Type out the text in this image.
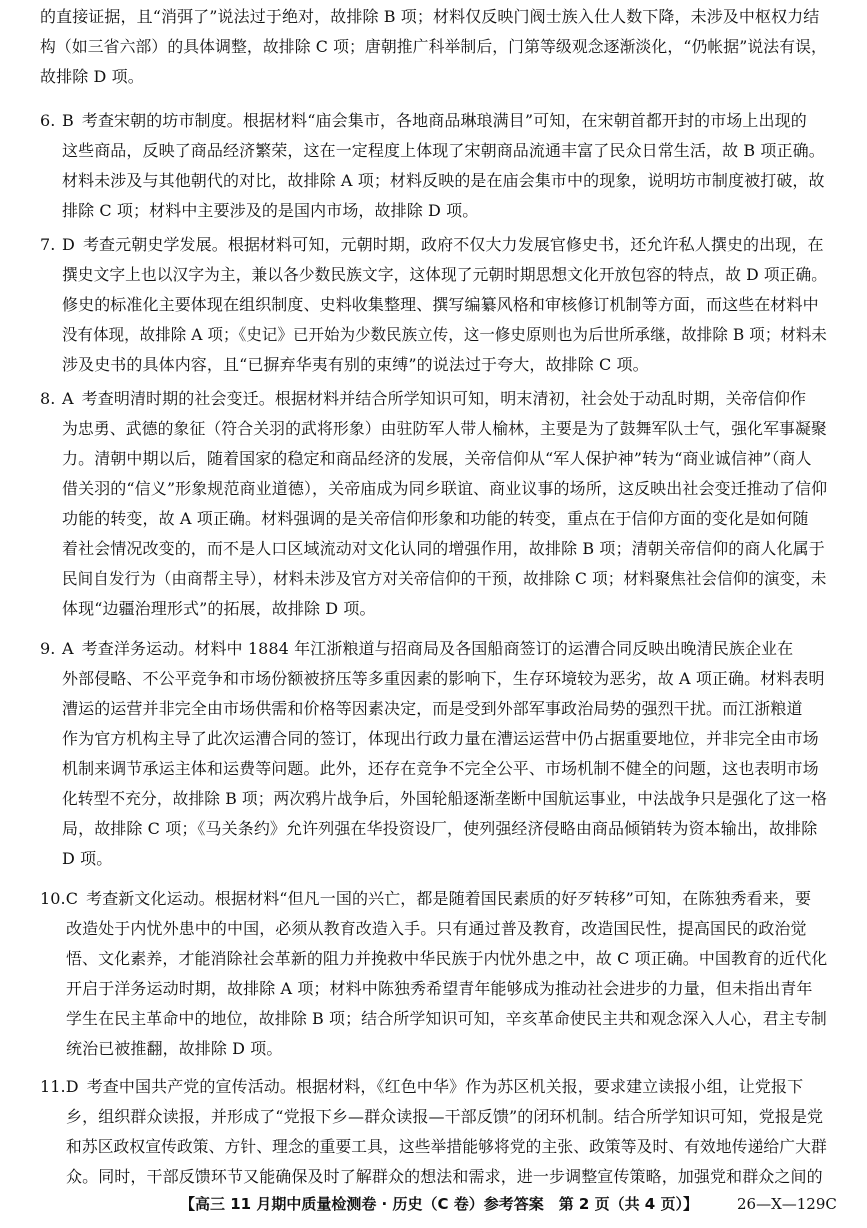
的直接证据，且“消弭了”说法过于绝对，故排除 B 项；材料仅反映门阀士族入仕人数下降，未涉及中枢权力结
构（如三省六部）的具体调整，故排除 C 项；唐朝推广科举制后，门第等级观念逐渐淡化，“仍帐据”说法有误，
故排除 D 项。
6. B 考查宋朝的坊市制度。根据材料“庙会集市，各地商品琳琅满目”可知，在宋朝首都开封的市场上出现的
这些商品，反映了商品经济繁荣，这在一定程度上体现了宋朝商品流通丰富了民众日常生活，故 B 项正确。
材料未涉及与其他朝代的对比，故排除 A 项；材料反映的是在庙会集市中的现象，说明坊市制度被打破，故
排除 C 项；材料中主要涉及的是国内市场，故排除 D 项。
7. D 考查元朝史学发展。根据材料可知，元朝时期，政府不仅大力发展官修史书，还允许私人撰史的出现，在
撰史文字上也以汉字为主，兼以各少数民族文字，这体现了元朝时期思想文化开放包容的特点，故 D 项正确。
修史的标准化主要体现在组织制度、史料收集整理、撰写编纂风格和审核修订机制等方面，而这些在材料中
没有体现，故排除 A 项；《史记》已开始为少数民族立传，这一修史原则也为后世所承继，故排除 B 项；材料未
涉及史书的具体内容，且“已摒弃华夷有别的束缚”的说法过于夸大，故排除 C 项。
8. A 考查明清时期的社会变迁。根据材料并结合所学知识可知，明末清初，社会处于动乱时期，关帝信仰作
为忠勇、武德的象征（符合关羽的武将形象）由驻防军人带人榆林，主要是为了鼓舞军队士气，强化军事凝聚
力。清朝中期以后，随着国家的稳定和商品经济的发展，关帝信仰从“军人保护神”转为“商业诚信神”（商人
借关羽的“信义”形象规范商业道德），关帝庙成为同乡联谊、商业议事的场所，这反映出社会变迁推动了信仰
功能的转变，故 A 项正确。材料强调的是关帝信仰形象和功能的转变，重点在于信仰方面的变化是如何随
着社会情况改变的，而不是人口区域流动对文化认同的增强作用，故排除 B 项；清朝关帝信仰的商人化属于
民间自发行为（由商帮主导），材料未涉及官方对关帝信仰的干预，故排除 C 项；材料聚焦社会信仰的演变，未
体现“边疆治理形式”的拓展，故排除 D 项。
9. A 考查洋务运动。材料中 1884 年江浙粮道与招商局及各国船商签订的运漕合同反映出晚清民族企业在
外部侵略、不公平竞争和市场份额被挤压等多重因素的影响下，生存环境较为恶劣，故 A 项正确。材料表明
漕运的运营并非完全由市场供需和价格等因素决定，而是受到外部军事政治局势的强烈干扰。而江浙粮道
作为官方机构主导了此次运漕合同的签订，体现出行政力量在漕运运营中仍占据重要地位，并非完全由市场
机制来调节承运主体和运费等问题。此外，还存在竞争不完全公平、市场机制不健全的问题，这也表明市场
化转型不充分，故排除 B 项；两次鸦片战争后，外国轮船逐渐垄断中国航运事业，中法战争只是强化了这一格
局，故排除 C 项；《马关条约》允许列强在华投资设厂，使列强经济侵略由商品倾销转为资本输出，故排除
D 项。
10.C 考查新文化运动。根据材料“但凡一国的兴亡，都是随着国民素质的好歹转移”可知，在陈独秀看来，要
改造处于内忧外患中的中国，必须从教育改造入手。只有通过普及教育，改造国民性，提高国民的政治觉
悟、文化素养，才能消除社会革新的阻力并挽救中华民族于内忧外患之中，故 C 项正确。中国教育的近代化
开启于洋务运动时期，故排除 A 项；材料中陈独秀希望青年能够成为推动社会进步的力量，但未指出青年
学生在民主革命中的地位，故排除 B 项；结合所学知识可知，辛亥革命使民主共和观念深入人心，君主专制
统治已被推翻，故排除 D 项。
11.D 考查中国共产党的宣传活动。根据材料，《红色中华》作为苏区机关报，要求建立读报小组，让党报下
乡，组织群众读报，并形成了“党报下乡—群众读报—干部反馈”的闭环机制。结合所学知识可知，党报是党
和苏区政权宣传政策、方针、理念的重要工具，这些举措能够将党的主张、政策等及时、有效地传递给广大群
众。同时，干部反馈环节又能确保及时了解群众的想法和需求，进一步调整宣传策略，加强党和群众之间的
【高三 11 月期中质量检测卷 · 历史（C 卷）参考答案　第 2 页（共 4 页）】	26—X—129C
